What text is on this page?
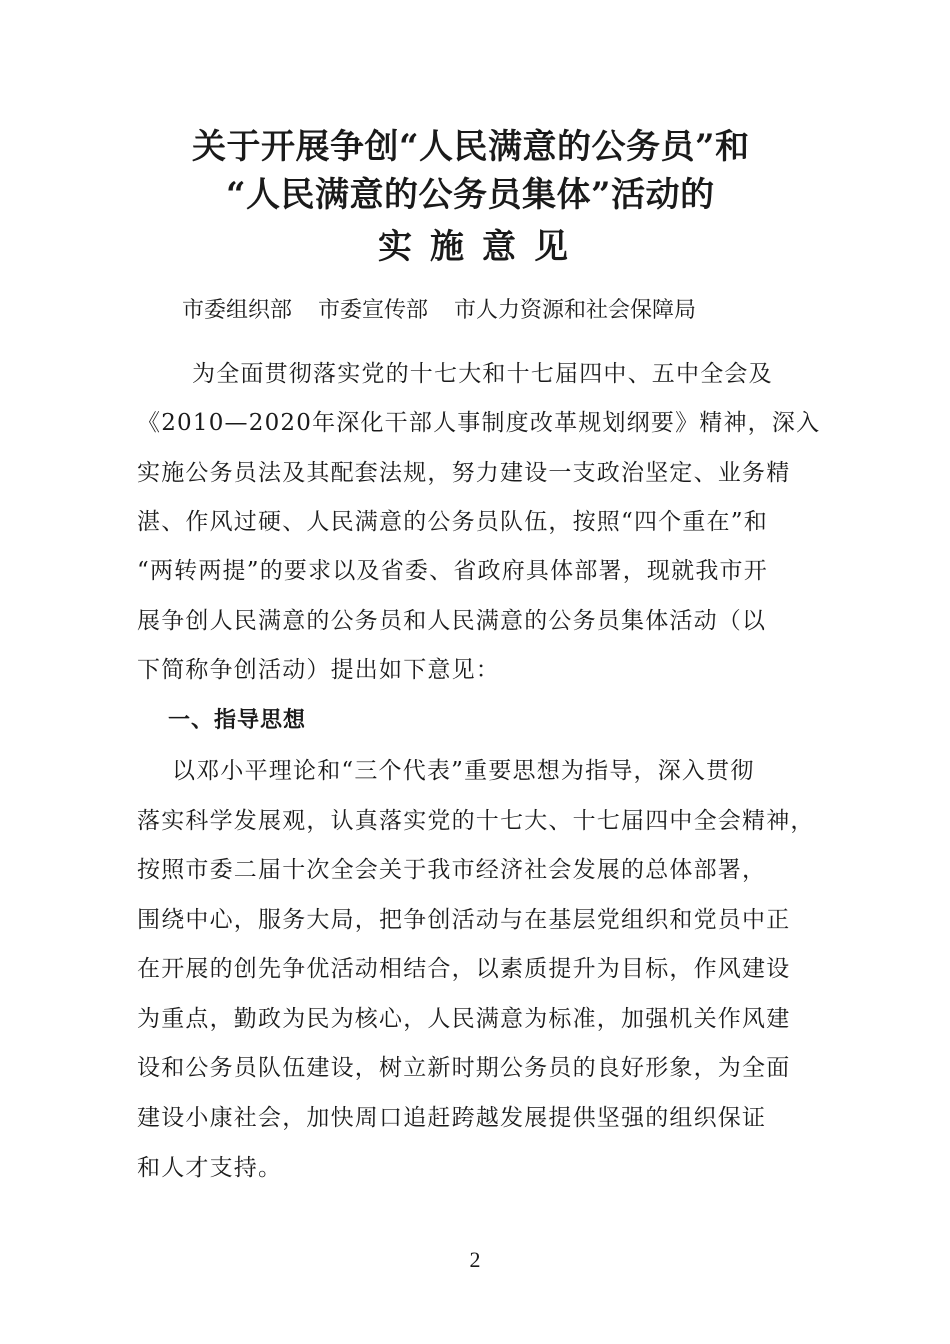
关于开展争创“人民满意的公务员”和
“人民满意的公务员集体”活动的
实施意见
市委组织部 市委宣传部 市人力资源和社会保障局
为全面贯彻落实党的十七大和十七届四中、五中全会及
《2010—2020年深化干部人事制度改革规划纲要》精神，深入
实施公务员法及其配套法规，努力建设一支政治坚定、业务精
湛、作风过硬、人民满意的公务员队伍，按照“四个重在”和
“两转两提”的要求以及省委、省政府具体部署，现就我市开
展争创人民满意的公务员和人民满意的公务员集体活动（以
下简称争创活动）提出如下意见：
一、指导思想
以邓小平理论和“三个代表”重要思想为指导，深入贯彻
落实科学发展观，认真落实党的十七大、十七届四中全会精神，
按照市委二届十次全会关于我市经济社会发展的总体部署，
围绕中心，服务大局，把争创活动与在基层党组织和党员中正
在开展的创先争优活动相结合，以素质提升为目标，作风建设
为重点，勤政为民为核心，人民满意为标准，加强机关作风建
设和公务员队伍建设，树立新时期公务员的良好形象，为全面
建设小康社会，加快周口追赶跨越发展提供坚强的组织保证
和人才支持。
2
